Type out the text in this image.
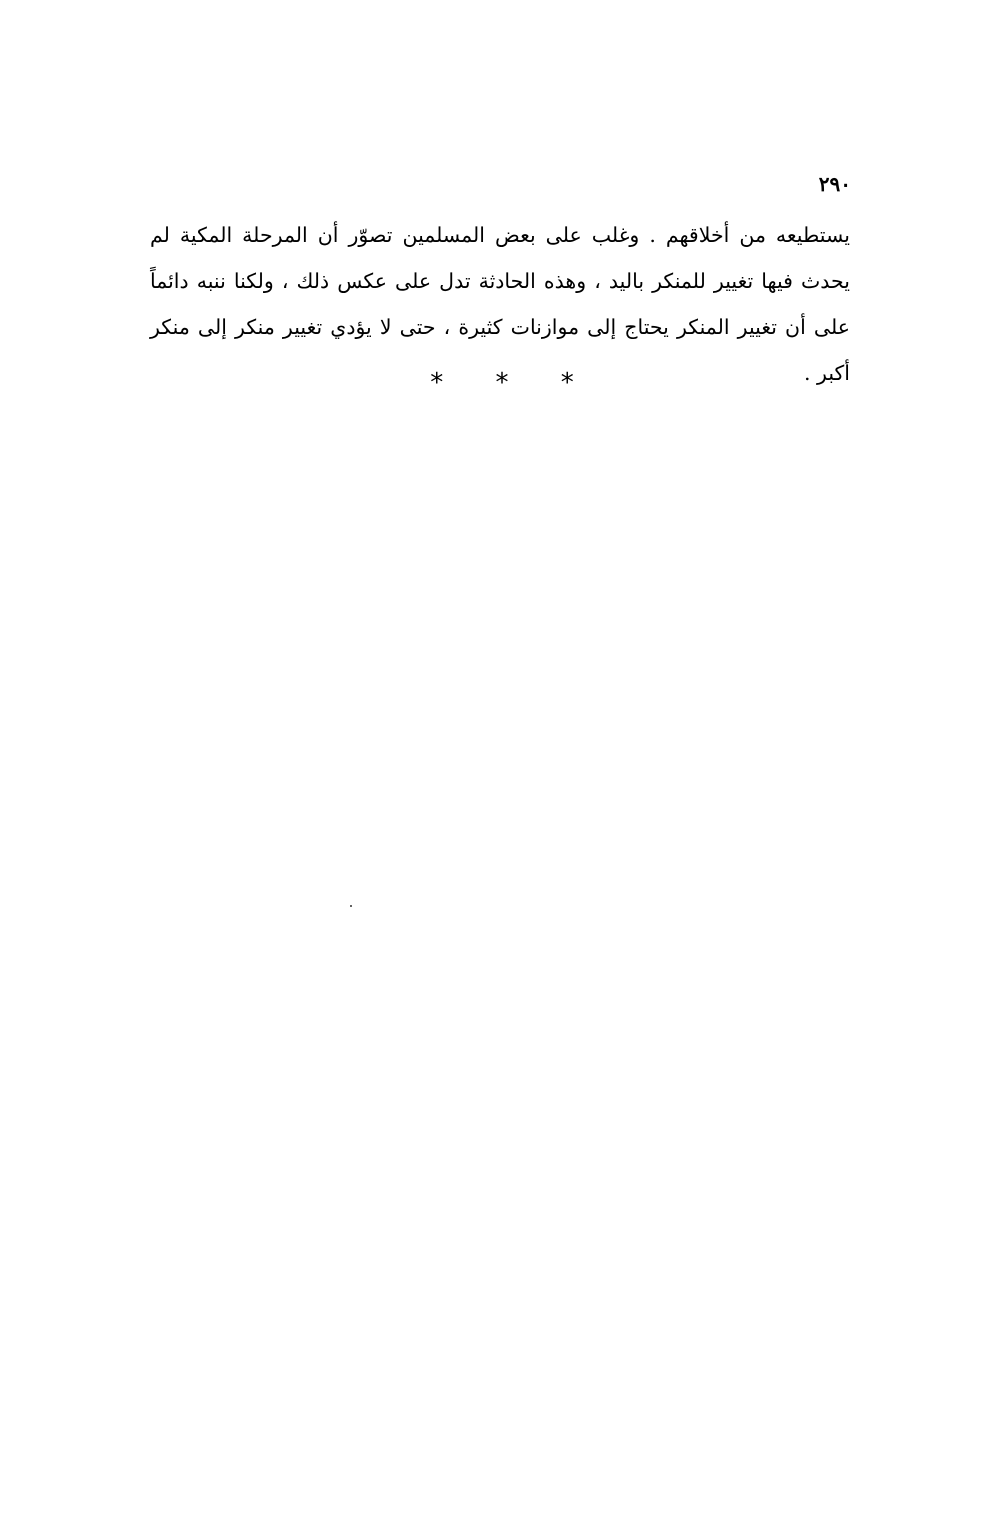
٢٩٠

يستطيعه من أخلاقهم . وغلب على بعض المسلمين تصوّر أن المرحلة المكية لم يحدث فيها تغيير للمنكر باليد ، وهذه الحادثة تدل على عكس ذلك ، ولكنا ننبه دائماً على أن تغيير المنكر يحتاج إلى موازنات كثيرة ، حتى لا يؤدي تغيير منكر إلى منكر أكبر .

* * *
